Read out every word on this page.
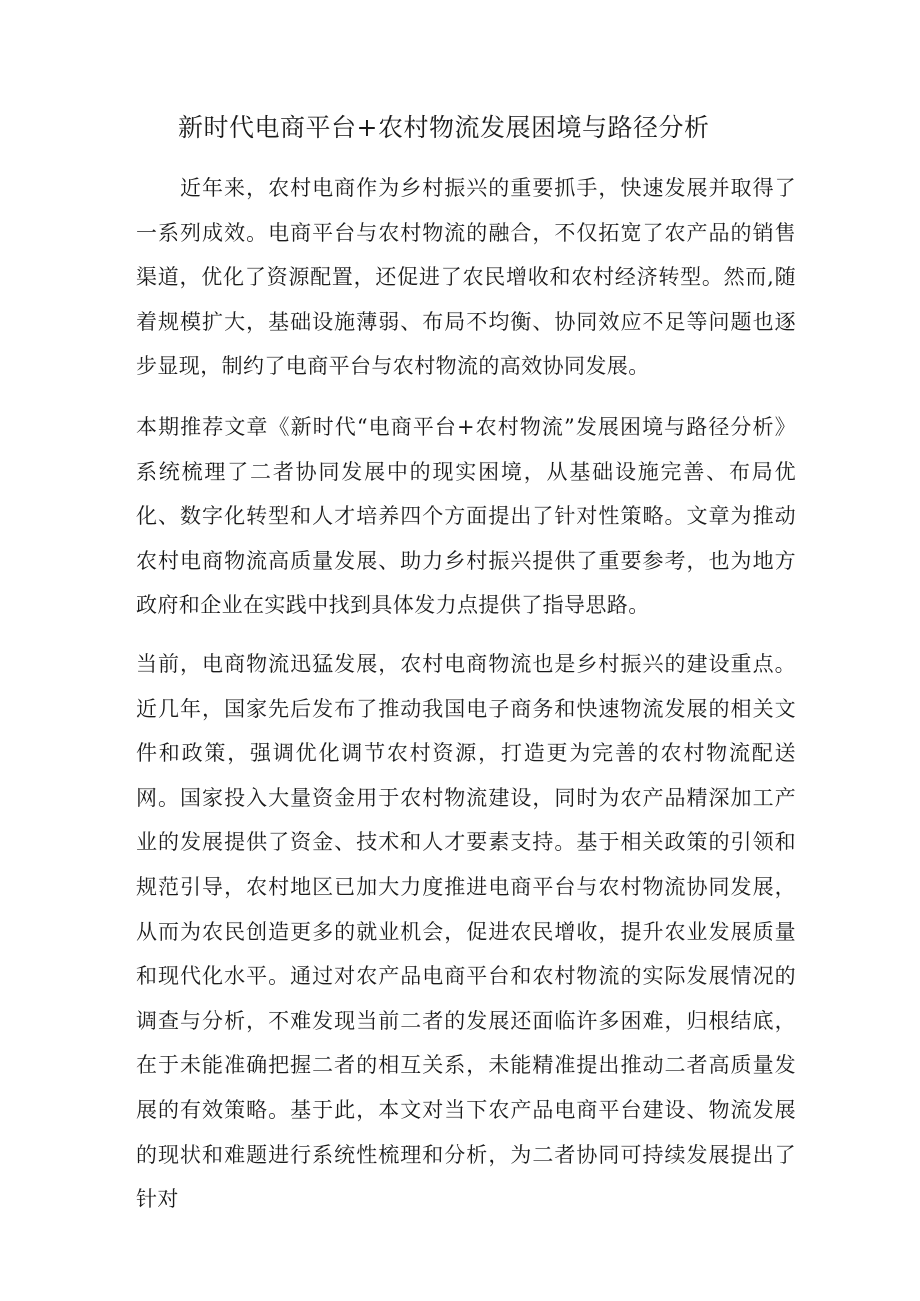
新时代电商平台+农村物流发展困境与路径分析

近年来，农村电商作为乡村振兴的重要抓手，快速发展并取得了一系列成效。电商平台与农村物流的融合，不仅拓宽了农产品的销售渠道，优化了资源配置，还促进了农民增收和农村经济转型。然而,随着规模扩大，基础设施薄弱、布局不均衡、协同效应不足等问题也逐步显现，制约了电商平台与农村物流的高效协同发展。

本期推荐文章《新时代“电商平台+农村物流”发展困境与路径分析》系统梳理了二者协同发展中的现实困境，从基础设施完善、布局优化、数字化转型和人才培养四个方面提出了针对性策略。文章为推动农村电商物流高质量发展、助力乡村振兴提供了重要参考，也为地方政府和企业在实践中找到具体发力点提供了指导思路。

当前，电商物流迅猛发展，农村电商物流也是乡村振兴的建设重点。近几年，国家先后发布了推动我国电子商务和快速物流发展的相关文件和政策，强调优化调节农村资源，打造更为完善的农村物流配送网。国家投入大量资金用于农村物流建设，同时为农产品精深加工产业的发展提供了资金、技术和人才要素支持。基于相关政策的引领和规范引导，农村地区已加大力度推进电商平台与农村物流协同发展，从而为农民创造更多的就业机会，促进农民增收，提升农业发展质量和现代化水平。通过对农产品电商平台和农村物流的实际发展情况的调查与分析，不难发现当前二者的发展还面临许多困难，归根结底，在于未能准确把握二者的相互关系，未能精准提出推动二者高质量发展的有效策略。基于此，本文对当下农产品电商平台建设、物流发展的现状和难题进行系统性梳理和分析，为二者协同可持续发展提出了针对
